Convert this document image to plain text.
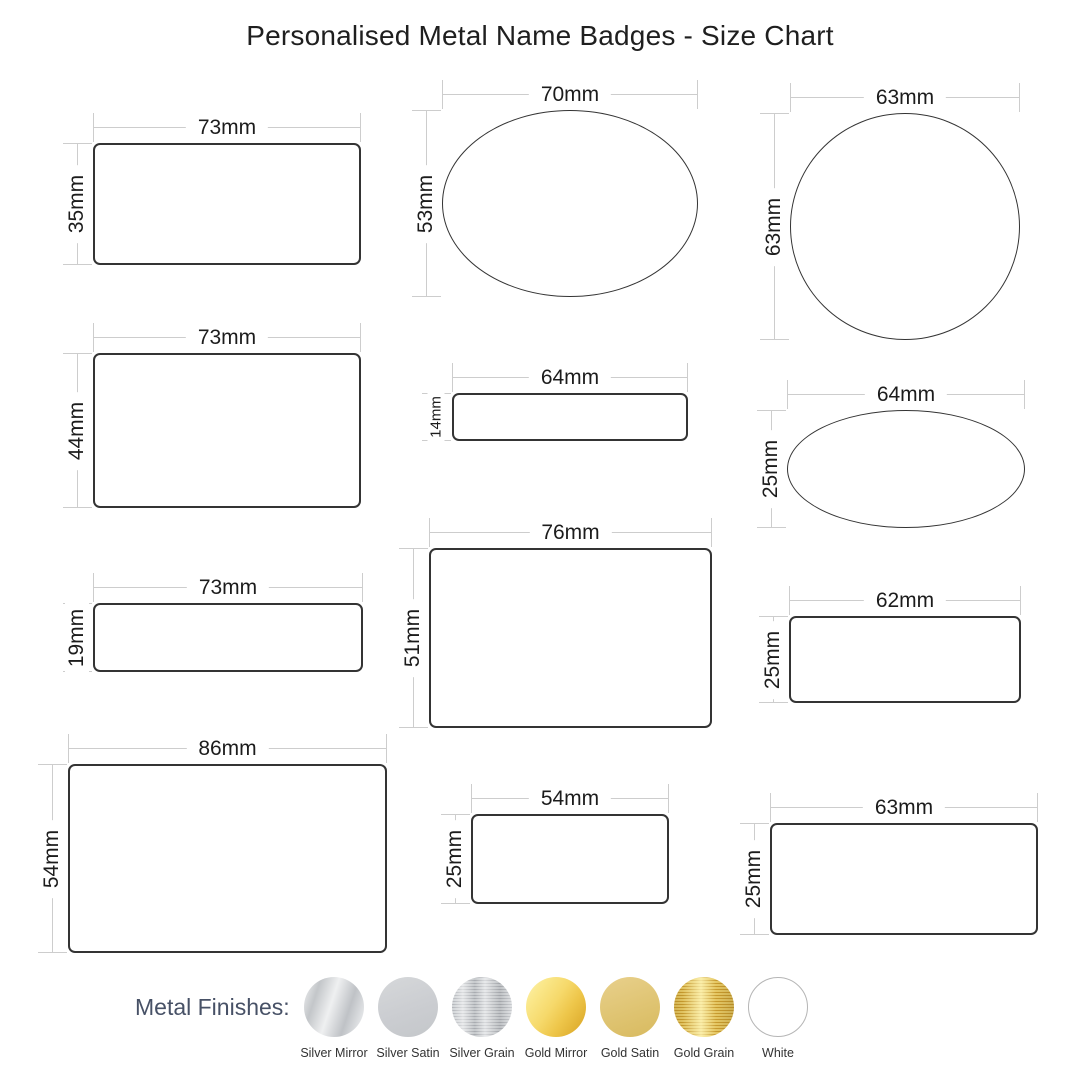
Personalised Metal Name Badges - Size Chart
73mm
35mm
70mm
53mm
63mm
63mm
73mm
44mm
64mm
14mm
64mm
25mm
73mm
19mm
76mm
51mm
62mm
25mm
86mm
54mm
54mm
25mm
63mm
25mm
Metal Finishes:
Silver Mirror Silver Satin Silver Grain Gold Mirror Gold Satin Gold Grain White
